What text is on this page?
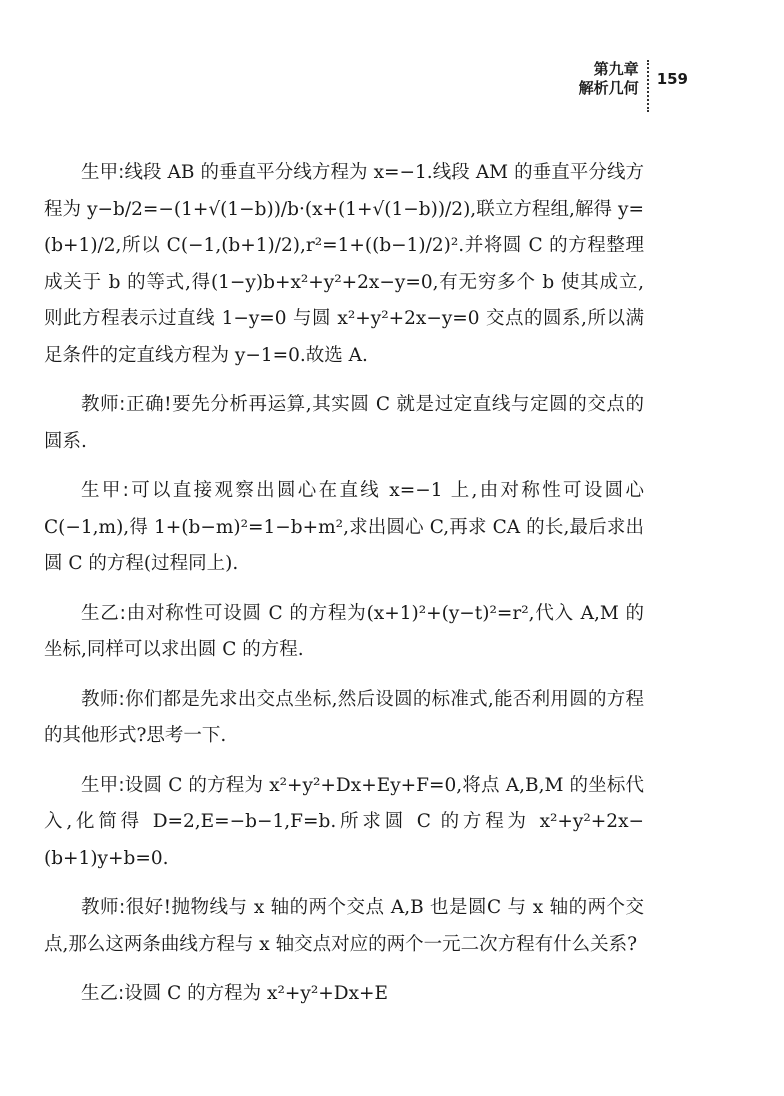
第九章
解析几何	159

生甲:线段 AB 的垂直平分线方程为 x=−1.线段 AM 的垂直平分线方程为 y−b/2=−(1+√(1−b))/b·(x+(1+√(1−b))/2),联立方程组,解得 y=(b+1)/2,所以 C(−1,(b+1)/2),r²=1+((b−1)/2)².并将圆 C 的方程整理成关于 b 的等式,得(1−y)b+x²+y²+2x−y=0,有无穷多个 b 使其成立,则此方程表示过直线 1−y=0 与圆 x²+y²+2x−y=0 交点的圆系,所以满足条件的定直线方程为 y−1=0.故选 A.

教师:正确!要先分析再运算,其实圆 C 就是过定直线与定圆的交点的圆系.

生甲:可以直接观察出圆心在直线 x=−1 上,由对称性可设圆心 C(−1,m),得 1+(b−m)²=1−b+m²,求出圆心 C,再求 CA 的长,最后求出圆 C 的方程(过程同上).

生乙:由对称性可设圆 C 的方程为(x+1)²+(y−t)²=r²,代入 A,M 的坐标,同样可以求出圆 C 的方程.

教师:你们都是先求出交点坐标,然后设圆的标准式,能否利用圆的方程的其他形式?思考一下.

生甲:设圆 C 的方程为 x²+y²+Dx+Ey+F=0,将点 A,B,M 的坐标代入,化简得 D=2,E=−b−1,F=b.所求圆 C 的方程为 x²+y²+2x−(b+1)y+b=0.

教师:很好!抛物线与 x 轴的两个交点 A,B 也是圆C 与 x 轴的两个交点,那么这两条曲线方程与 x 轴交点对应的两个一元二次方程有什么关系?

生乙:设圆 C 的方程为 x²+y²+Dx+E
